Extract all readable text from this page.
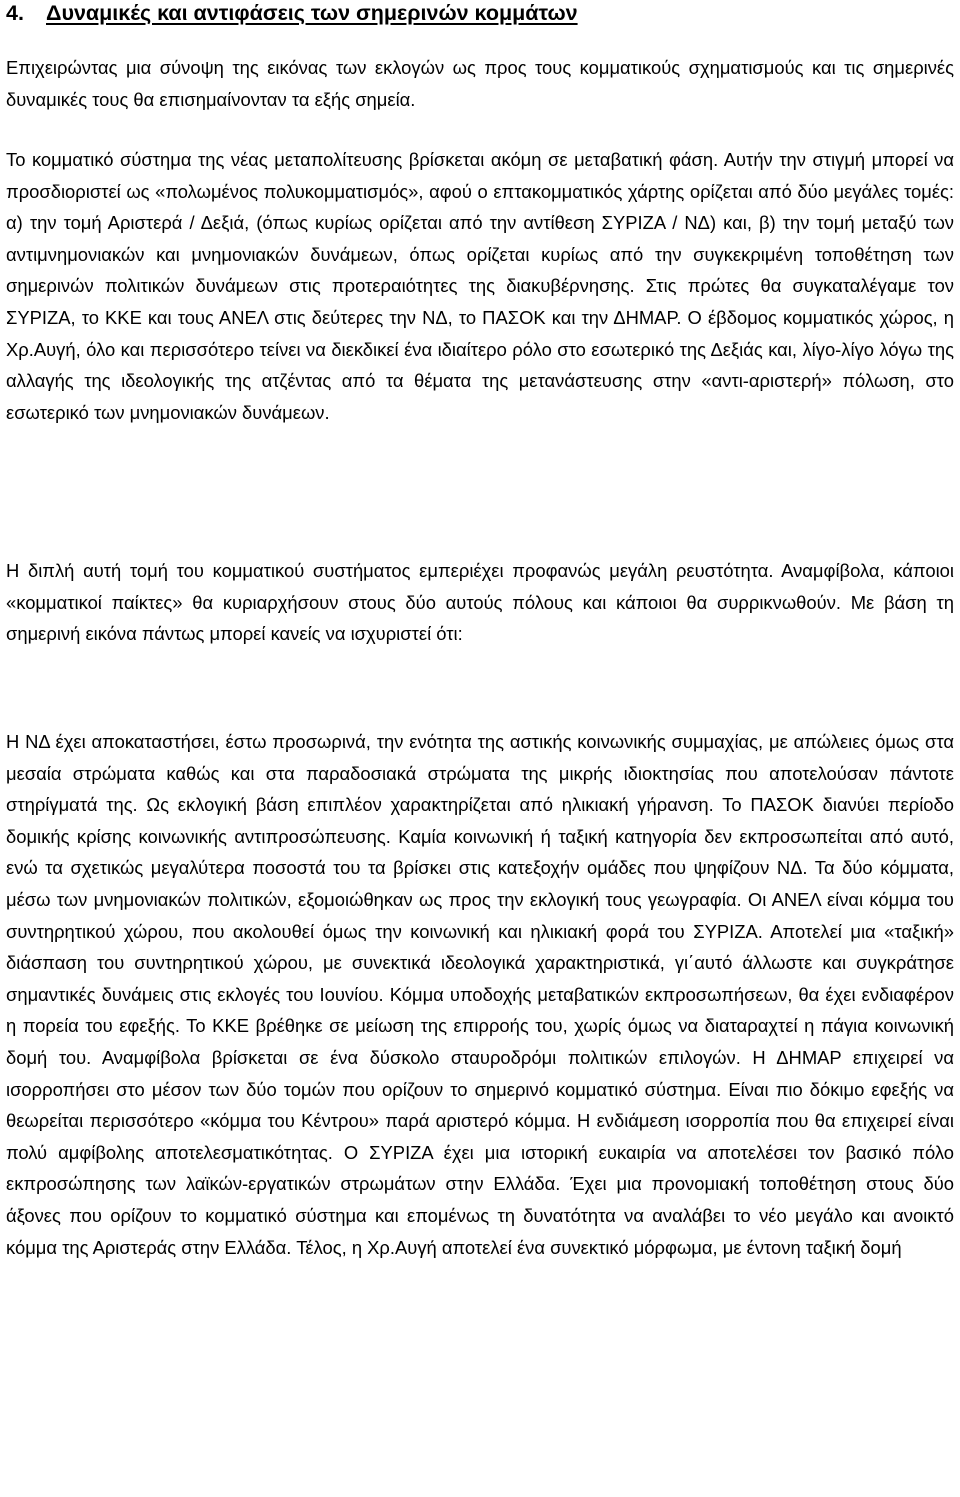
4. Δυναμικές και αντιφάσεις των σημερινών κομμάτων

Επιχειρώντας μια σύνοψη της εικόνας των εκλογών ως προς τους κομματικούς σχηματισμούς και τις σημερινές δυναμικές τους θα επισημαίνονταν τα εξής σημεία.

Το κομματικό σύστημα της νέας μεταπολίτευσης βρίσκεται ακόμη σε μεταβατική φάση. Αυτήν την στιγμή μπορεί να προσδιοριστεί ως «πολωμένος πολυκομματισμός», αφού ο επτακομματικός χάρτης ορίζεται από δύο μεγάλες τομές: α) την τομή Αριστερά / Δεξιά, (όπως κυρίως ορίζεται από την αντίθεση ΣΥΡΙΖΑ / ΝΔ) και, β) την τομή μεταξύ των αντιμνημονιακών και μνημονιακών δυνάμεων, όπως ορίζεται κυρίως από την συγκεκριμένη τοποθέτηση των σημερινών πολιτικών δυνάμεων στις προτεραιότητες της διακυβέρνησης. Στις πρώτες θα συγκαταλέγαμε τον ΣΥΡΙΖΑ, το ΚΚΕ και τους ΑΝΕΛ στις δεύτερες την ΝΔ, το ΠΑΣΟΚ και την ΔΗΜΑΡ. Ο έβδομος κομματικός χώρος, η Χρ.Αυγή, όλο και περισσότερο τείνει να διεκδικεί ένα ιδιαίτερο ρόλο στο εσωτερικό της Δεξιάς και, λίγο-λίγο λόγω της αλλαγής της ιδεολογικής της ατζέντας από τα θέματα της μετανάστευσης στην «αντι-αριστερή» πόλωση, στο εσωτερικό των μνημονιακών δυνάμεων.

Η διπλή αυτή τομή του κομματικού συστήματος εμπεριέχει προφανώς μεγάλη ρευστότητα. Αναμφίβολα, κάποιοι «κομματικοί παίκτες» θα κυριαρχήσουν στους δύο αυτούς πόλους και κάποιοι θα συρρικνωθούν. Με βάση τη σημερινή εικόνα πάντως μπορεί κανείς να ισχυριστεί ότι:

Η ΝΔ έχει αποκαταστήσει, έστω προσωρινά, την ενότητα της αστικής κοινωνικής συμμαχίας, με απώλειες όμως στα μεσαία στρώματα καθώς και στα παραδοσιακά στρώματα της μικρής ιδιοκτησίας που αποτελούσαν πάντοτε στηρίγματά της. Ως εκλογική βάση επιπλέον χαρακτηρίζεται από ηλικιακή γήρανση. Το ΠΑΣΟΚ διανύει περίοδο δομικής κρίσης κοινωνικής αντιπροσώπευσης. Καμία κοινωνική ή ταξική κατηγορία δεν εκπροσωπείται από αυτό, ενώ τα σχετικώς μεγαλύτερα ποσοστά του τα βρίσκει στις κατεξοχήν ομάδες που ψηφίζουν ΝΔ. Τα δύο κόμματα, μέσω των μνημονιακών πολιτικών, εξομοιώθηκαν ως προς την εκλογική τους γεωγραφία. Οι ΑΝΕΛ είναι κόμμα του συντηρητικού χώρου, που ακολουθεί όμως την κοινωνική και ηλικιακή φορά του ΣΥΡΙΖΑ. Αποτελεί μια «ταξική» διάσπαση του συντηρητικού χώρου, με συνεκτικά ιδεολογικά χαρακτηριστικά, γι΄αυτό άλλωστε και συγκράτησε σημαντικές δυνάμεις στις εκλογές του Ιουνίου. Κόμμα υποδοχής μεταβατικών εκπροσωπήσεων, θα έχει ενδιαφέρον η πορεία του εφεξής. Το ΚΚΕ βρέθηκε σε μείωση της επιρροής του, χωρίς όμως να διαταραχτεί η πάγια κοινωνική δομή του. Αναμφίβολα βρίσκεται σε ένα δύσκολο σταυροδρόμι πολιτικών επιλογών. Η ΔΗΜΑΡ επιχειρεί να ισορροπήσει στο μέσον των δύο τομών που ορίζουν το σημερινό κομματικό σύστημα. Είναι πιο δόκιμο εφεξής να θεωρείται περισσότερο «κόμμα του Κέντρου» παρά αριστερό κόμμα. Η ενδιάμεση ισορροπία που θα επιχειρεί είναι πολύ αμφίβολης αποτελεσματικότητας. Ο ΣΥΡΙΖΑ έχει μια ιστορική ευκαιρία να αποτελέσει τον βασικό πόλο εκπροσώπησης των λαϊκών-εργατικών στρωμάτων στην Ελλάδα. Έχει μια προνομιακή τοποθέτηση στους δύο άξονες που ορίζουν το κομματικό σύστημα και επομένως τη δυνατότητα να αναλάβει το νέο μεγάλο και ανοικτό κόμμα της Αριστεράς στην Ελλάδα. Τέλος, η Χρ.Αυγή αποτελεί ένα συνεκτικό μόρφωμα, με έντονη ταξική δομή
